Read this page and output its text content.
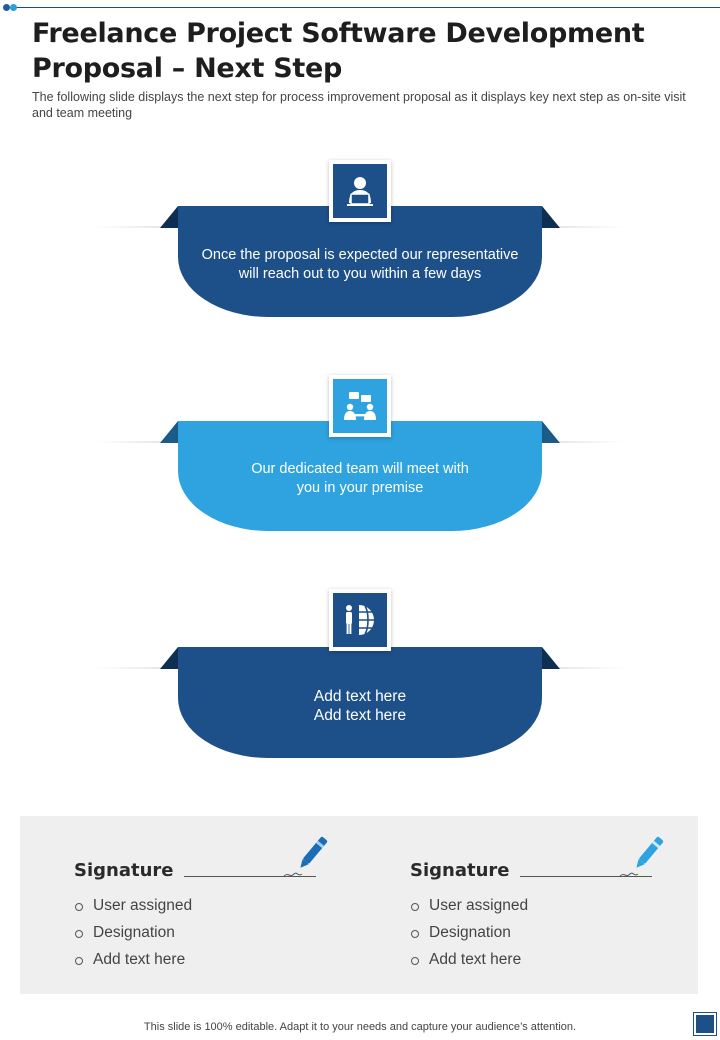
Freelance Project Software Development Proposal – Next Step

The following slide displays the next step for process improvement proposal as it displays key next step as on-site visit and team meeting

Once the proposal is expected our representative will reach out to you within a few days
Our dedicated team will meet with you in your premise
Add text here
Add text here
Signature
User assigned
Designation
Add text here
Signature
User assigned
Designation
Add text here
This slide is 100% editable. Adapt it to your needs and capture your audience’s attention.
